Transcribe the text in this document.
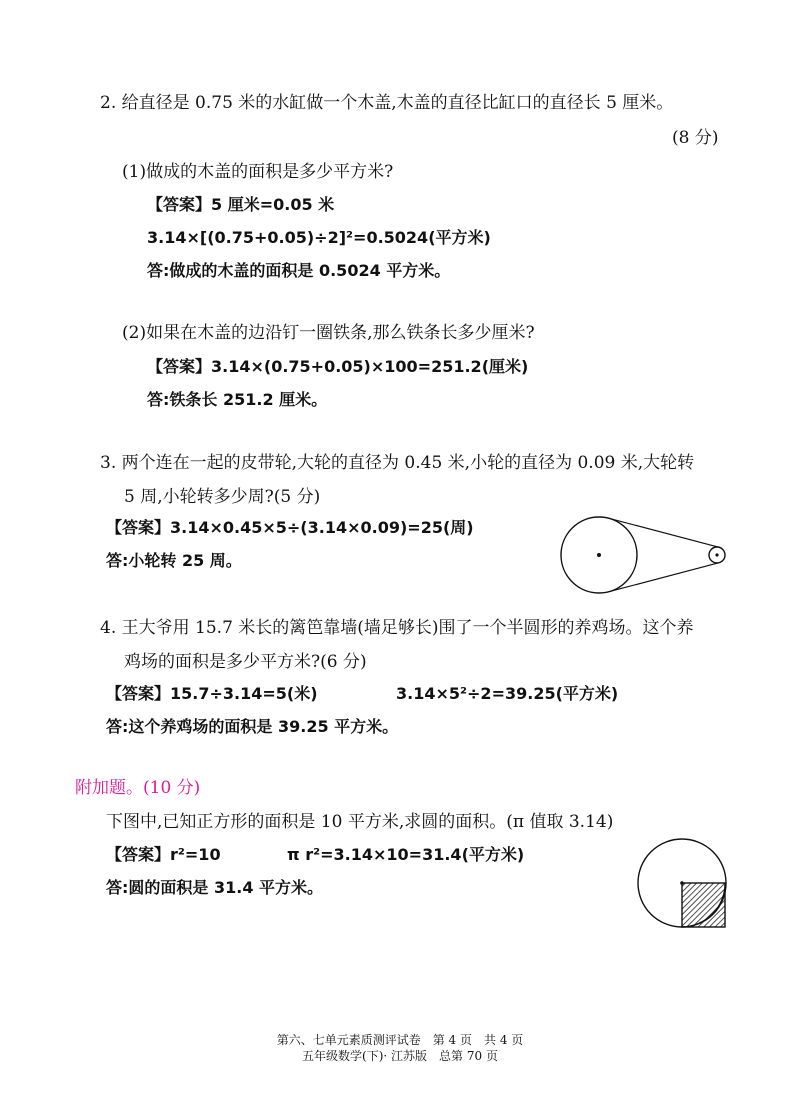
2. 给直径是 0.75 米的水缸做一个木盖,木盖的直径比缸口的直径长 5 厘米。
(8 分)
(1)做成的木盖的面积是多少平方米?
【答案】5 厘米=0.05 米
3.14×[(0.75+0.05)÷2]²=0.5024(平方米)
答:做成的木盖的面积是 0.5024 平方米。
(2)如果在木盖的边沿钉一圈铁条,那么铁条长多少厘米?
【答案】3.14×(0.75+0.05)×100=251.2(厘米)
答:铁条长 251.2 厘米。
3. 两个连在一起的皮带轮,大轮的直径为 0.45 米,小轮的直径为 0.09 米,大轮转
5 周,小轮转多少周?(5 分)
【答案】3.14×0.45×5÷(3.14×0.09)=25(周)
答:小轮转 25 周。
4. 王大爷用 15.7 米长的篱笆靠墙(墙足够长)围了一个半圆形的养鸡场。这个养
鸡场的面积是多少平方米?(6 分)
【答案】15.7÷3.14=5(米)	3.14×5²÷2=39.25(平方米)
答:这个养鸡场的面积是 39.25 平方米。
附加题。(10 分)
下图中,已知正方形的面积是 10 平方米,求圆的面积。(π 值取 3.14)
【答案】r²=10	π r²=3.14×10=31.4(平方米)
答:圆的面积是 31.4 平方米。
第六、七单元素质测评试卷　第 4 页　共 4 页
五年级数学(下)· 江苏版　总第 70 页
